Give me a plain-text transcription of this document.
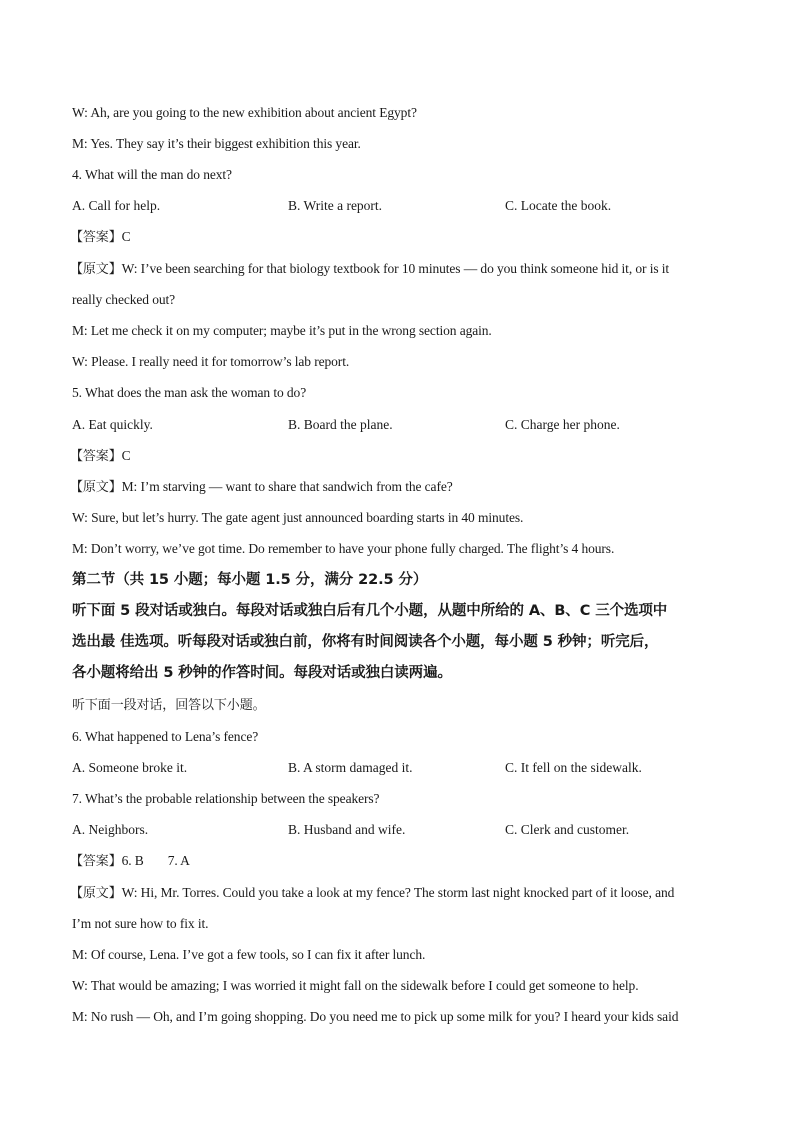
W: Ah, are you going to the new exhibition about ancient Egypt?
M: Yes. They say it’s their biggest exhibition this year.
4. What will the man do next?
A. Call for help.	B. Write a report.	C. Locate the book.
【答案】C
【原文】W: I’ve been searching for that biology textbook for 10 minutes — do you think someone hid it, or is it
really checked out?
M: Let me check it on my computer; maybe it’s put in the wrong section again.
W: Please. I really need it for tomorrow’s lab report.
5. What does the man ask the woman to do?
A. Eat quickly.	B. Board the plane.	C. Charge her phone.
【答案】C
【原文】M: I’m starving — want to share that sandwich from the cafe?
W: Sure, but let’s hurry. The gate agent just announced boarding starts in 40 minutes.
M: Don’t worry, we’ve got time. Do remember to have your phone fully charged. The flight’s 4 hours.
第二节（共 15 小题；每小题 1.5 分，满分 22.5 分）
听下面 5 段对话或独白。每段对话或独白后有几个小题，从题中所给的 A、B、C 三个选项中
选出最 佳选项。听每段对话或独白前，你将有时间阅读各个小题，每小题 5 秒钟；听完后，
各小题将给出 5 秒钟的作答时间。每段对话或独白读两遍。
听下面一段对话，回答以下小题。
6. What happened to Lena’s fence?
A. Someone broke it.	B. A storm damaged it.	C. It fell on the sidewalk.
7. What’s the probable relationship between the speakers?
A. Neighbors.	B. Husband and wife.	C. Clerk and customer.
【答案】6. B 7. A
【原文】W: Hi, Mr. Torres. Could you take a look at my fence? The storm last night knocked part of it loose, and
I’m not sure how to fix it.
M: Of course, Lena. I’ve got a few tools, so I can fix it after lunch.
W: That would be amazing; I was worried it might fall on the sidewalk before I could get someone to help.
M: No rush — Oh, and I’m going shopping. Do you need me to pick up some milk for you? I heard your kids said
